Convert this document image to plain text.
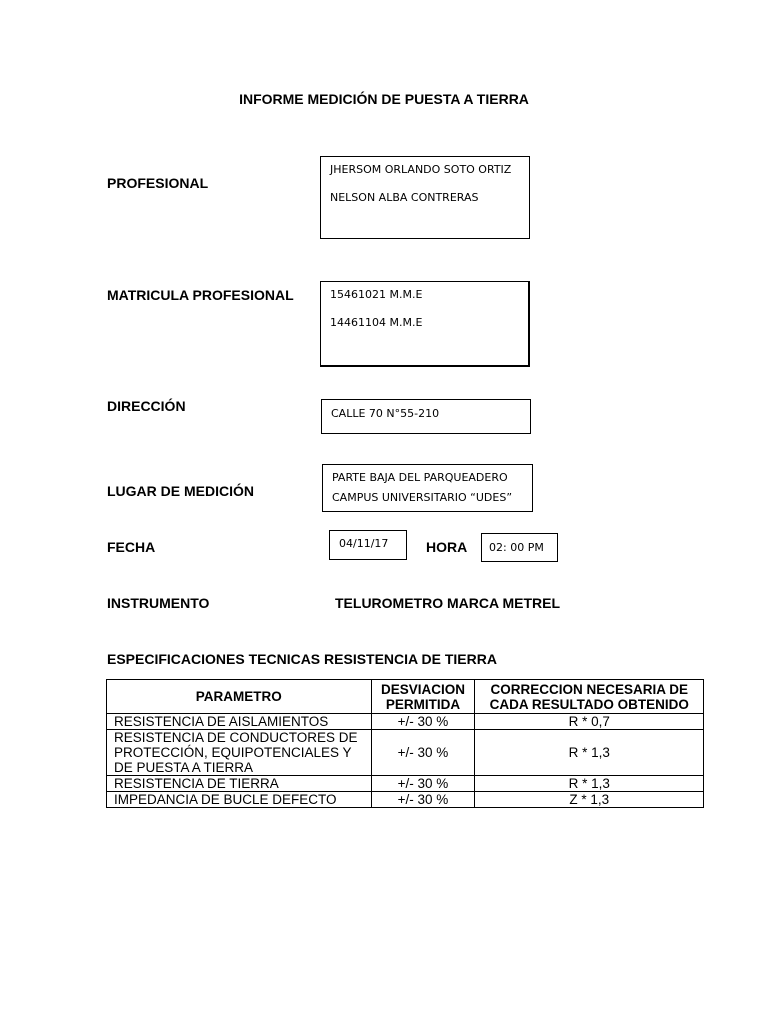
INFORME MEDICIÓN DE PUESTA A TIERRA
PROFESIONAL
JHERSOM ORLANDO SOTO ORTIZ
NELSON ALBA CONTRERAS
MATRICULA PROFESIONAL	15461021 M.M.E
14461104 M.M.E
DIRECCIÓN	CALLE 70 N°55-210
LUGAR DE MEDICIÓN
PARTE BAJA DEL PARQUEADERO
CAMPUS UNIVERSITARIO “UDES”
FECHA	04/11/17	HORA 02: 00 PM
INSTRUMENTO	TELUROMETRO MARCA METREL
ESPECIFICACIONES TECNICAS RESISTENCIA DE TIERRA
PARAMETRO	DESVIACION PERMITIDA	CORRECCION NECESARIA DE CADA RESULTADO OBTENIDO
RESISTENCIA DE AISLAMIENTOS	+/- 30 %	R * 0,7
RESISTENCIA DE CONDUCTORES DE PROTECCIÓN, EQUIPOTENCIALES Y DE PUESTA A TIERRA	+/- 30 %	R * 1,3
RESISTENCIA DE TIERRA	+/- 30 %	R * 1,3
IMPEDANCIA DE BUCLE DEFECTO	+/- 30 %	Z * 1,3
